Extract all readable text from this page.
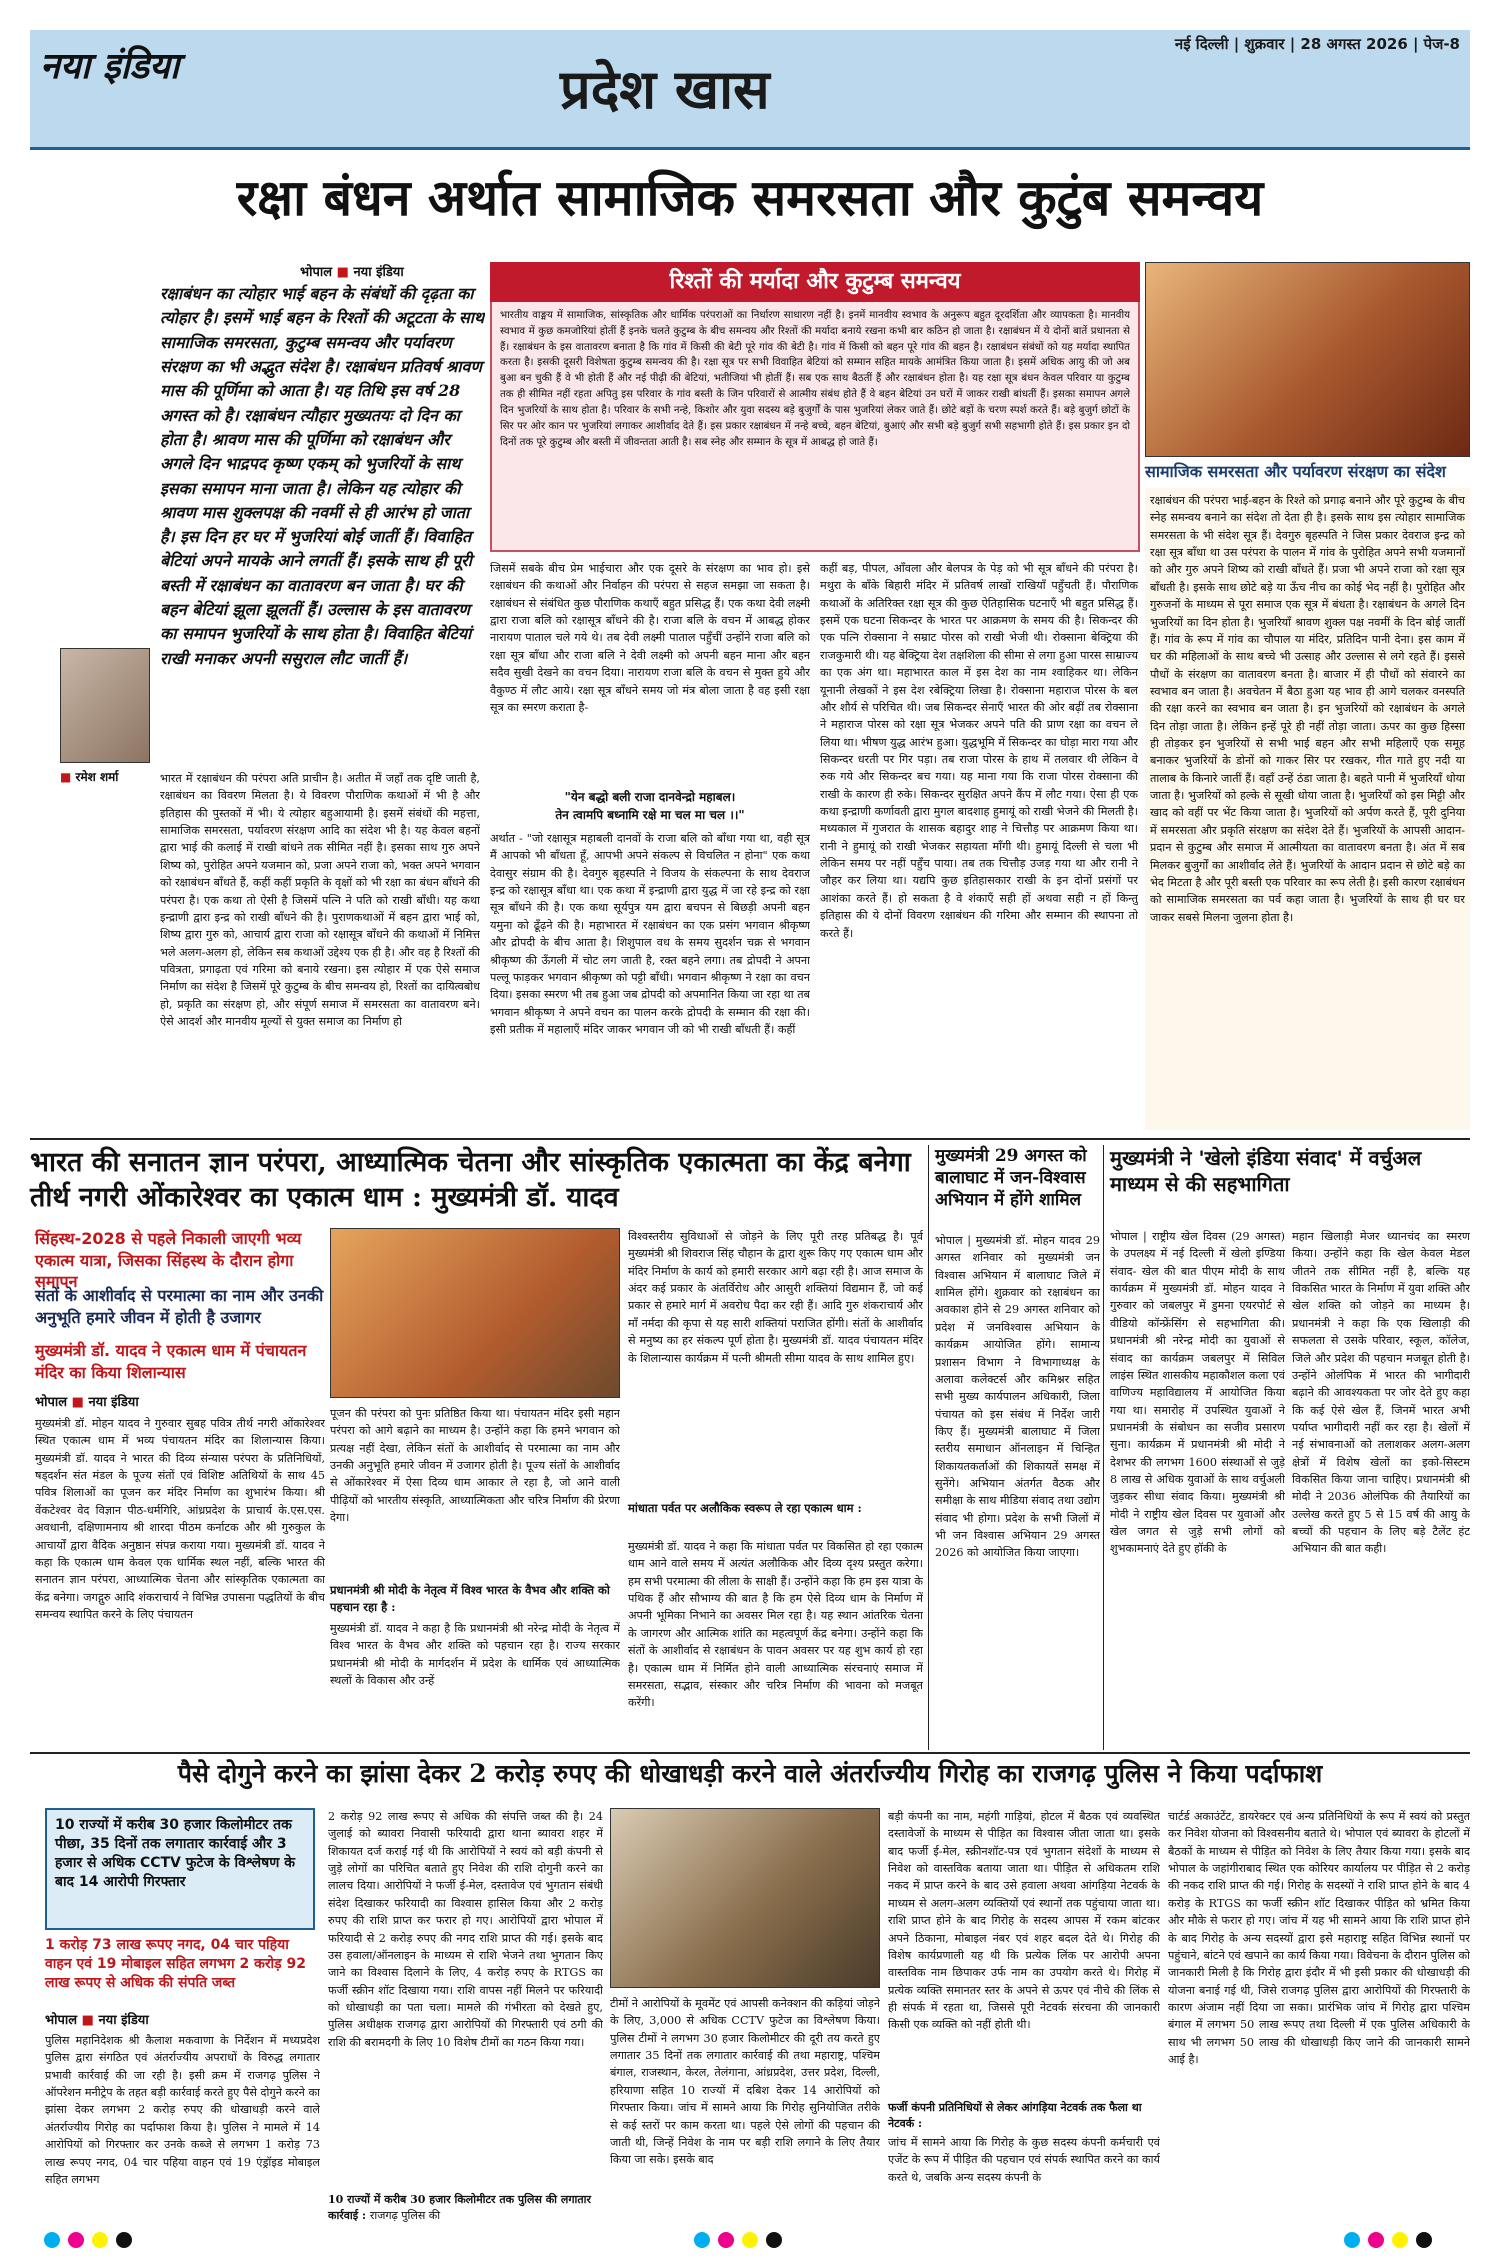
नया इंडिया	प्रदेश खास
नई दिल्ली | शुक्रवार | 28 अगस्त 2026 | पेज-8
रक्षा बंधन अर्थात सामाजिक समरसता और कुटुंब समन्वय
भोपाल ■ नया इंडिया
रक्षाबंधन का त्योहार भाई बहन के संबंधों की दृढ़ता का त्योहार है। इसमें भाई बहन के रिश्तों की अटूटता के साथ सामाजिक समरसता, कुटुम्ब समन्वय और पर्यावरण संरक्षण का भी अद्भुत संदेश है। रक्षाबंधन प्रतिवर्ष श्रावण मास की पूर्णिमा को आता है। यह तिथि इस वर्ष 28 अगस्त को है। रक्षाबंधन त्यौहार मुख्यतयः दो दिन का होता है। श्रावण मास की पूर्णिमा को रक्षाबंधन और अगले दिन भाद्रपद कृष्ण एकम् को भुजरियों के साथ इसका समापन माना जाता है। लेकिन यह त्योहार की श्रावण मास शुक्लपक्ष की नवमीं से ही आरंभ हो जाता है। इस दिन हर घर में भुजरियां बोई जातीं हैं। विवाहित बेटियां अपने मायके आने लगतीं हैं। इसके साथ ही पूरी बस्ती में रक्षाबंधन का वातावरण बन जाता है। घर की बहन बेटियां झूला झूलतीं हैं। उल्लास के इस वातावरण का समापन भुजरियों के साथ होता है। विवाहित बेटियां राखी मनाकर अपनी ससुराल लौट जातीं हैं।
■ रमेश शर्मा
रिश्तों की मर्यादा और कुटुम्ब समन्वय
भारतीय वाङ्मय में सामाजिक, सांस्कृतिक और धार्मिक परंपराओं का निर्धारण साधारण नहीं है। इनमें मानवीय स्वभाव के अनुरूप बहुत दूरदर्शिता और व्यापकता है। मानवीय स्वभाव में कुछ कमजोरियां होतीं हैं इनके चलते कुटुम्ब के बीच समन्वय और रिश्तों की मर्यादा बनाये रखना कभी बार कठिन हो जाता है। रक्षाबंधन में ये दोनों बातें प्रधानता से हैं। रक्षाबंधन के इस वातावरण बनाता है कि गांव में किसी की बेटी पूरे गांव की बेटी है। गांव में किसी को बहन पूरे गांव की बहन है। रक्षाबंधन संबंधों को यह मर्यादा स्थापित करता है। इसकी दूसरी विशेषता कुटुम्ब समन्वय की है। रक्षा सूत्र पर सभी विवाहित बेटियां को सम्मान सहित मायके आमंत्रित किया जाता है। इसमें अधिक आयु की जो अब बुआ बन चुकी हैं वे भी होती हैं और नई पीढ़ी की बेटियां, भतीजियां भी होतीं हैं। सब एक साथ बैठतीं हैं और रक्षाबंधन होता है। यह रक्षा सूत्र बंधन केवल परिवार या कुटुम्ब तक ही सीमित नहीं रहता अपितु इस परिवार के गांव बस्ती के जिन परिवारों से आत्मीय संबंध होते हैं वे बहन बेटियां उन घरों में जाकर राखी बांधतीं हैं। इसका समापन अगले दिन भुजरियों के साथ होता है। परिवार के सभी नन्हे, किशोर और युवा सदस्य बड़े बुजुर्गों के पास भुजरियां लेकर जाते हैं। छोटे बड़ों के चरण स्पर्श करते हैं। बड़े बुजुर्ग छोटों के सिर पर ओर कान पर भुजरियां लगाकर आशीर्वाद देते हैं। इस प्रकार रक्षाबंधन में नन्हे बच्चे, बहन बेटियां, बुआएं और सभी बड़े बुजुर्ग सभी सहभागी होते हैं। इस प्रकार इन दो दिनों तक पूरे कुटुम्ब और बस्ती में जीवन्तता आती है। सब स्नेह और सम्मान के सूत्र में आबद्ध हो जाते हैं।
भारत में रक्षाबंधन की परंपरा अति प्राचीन है। अतीत में जहाँ तक दृष्टि जाती है, रक्षाबंधन का विवरण मिलता है। ये विवरण पौराणिक कथाओं में भी है और इतिहास की पुस्तकों में भी। ये त्योहार बहुआयामी है। इसमें संबंधों की महत्ता, सामाजिक समरसता, पर्यावरण संरक्षण आदि का संदेश भी है। यह केवल बहनों द्वारा भाई की कलाई में राखी बांधने तक सीमित नहीं है। इसका साथ गुरु अपने शिष्य को, पुरोहित अपने यजमान को, प्रजा अपने राजा को, भक्त अपने भगवान को रक्षाबंधन बाँधते हैं, कहीं कहीं प्रकृति के वृक्षों को भी रक्षा का बंधन बाँधने की परंपरा है। एक कथा तो ऐसी है जिसमें पत्नि ने पति को राखी बाँधी। यह कथा इन्द्राणी द्वारा इन्द्र को राखी बाँधने की है। पुराणकथाओं में बहन द्वारा भाई को, शिष्य द्वारा गुरु को, आचार्य द्वारा राजा को रक्षासूत्र बाँधने की कथाओं में निमित्त भले अलग-अलग हो, लेकिन सब कथाओं उद्देश्य एक ही है। और वह है रिश्तों की पवित्रता, प्रगाढ़ता एवं गरिमा को बनाये रखना। इस त्योहार में एक ऐसे समाज निर्माण का संदेश है जिसमें पूरे कुटुम्ब के बीच समन्वय हो, रिश्तों का दायित्वबोध हो, प्रकृति का संरक्षण हो, और संपूर्ण समाज में समरसता का वातावरण बने। ऐसे आदर्श और मानवीय मूल्यों से युक्त समाज का निर्माण हो
जिसमें सबके बीच प्रेम भाईचारा और एक दूसरे के संरक्षण का भाव हो। इसे रक्षाबंधन की कथाओं और निर्वाहन की परंपरा से सहज समझा जा सकता है। रक्षाबंधन से संबंधित कुछ पौराणिक कथाएँ बहुत प्रसिद्ध हैं। एक कथा देवी लक्ष्मी द्वारा राजा बलि को रक्षासूत्र बाँधने की है। राजा बलि के वचन में आबद्ध होकर नारायण पाताल चले गये थे। तब देवी लक्ष्मी पाताल पहुँचीं उन्होंने राजा बलि को रक्षा सूत्र बाँधा और राजा बलि ने देवी लक्ष्मी को अपनी बहन माना और बहन सदैव सुखी देखने का वचन दिया। नारायण राजा बलि के वचन से मुक्त हुये और वैकुण्ठ में लौट आये। रक्षा सूत्र बाँधने समय जो मंत्र बोला जाता है वह इसी रक्षा सूत्र का स्मरण कराता है-
"येन बद्धो बली राजा दानवेन्द्रो महाबल।
तेन त्वामपि बध्नामि रक्षे मा चल मा चल ।।"
अर्थात - "जो रक्षासूत्र महाबली दानवों के राजा बलि को बाँधा गया था, वही सूत्र मैं आपको भी बाँधता हूँ, आपभी अपने संकल्प से विचलित न होना" एक कथा देवासुर संग्राम की है। देवगुरु बृहस्पति ने विजय के संकल्पना के साथ देवराज इन्द्र को रक्षासूत्र बाँधा था। एक कथा में इन्द्राणी द्वारा युद्ध में जा रहे इन्द्र को रक्षा सूत्र बाँधने की है। एक कथा सूर्यपुत्र यम द्वारा बचपन से बिछड़ी अपनी बहन यमुना को ढूँढ़ने की है। महाभारत में रक्षाबंधन का एक प्रसंग भगवान श्रीकृष्ण और द्रोपदी के बीच आता है। शिशुपाल वध के समय सुदर्शन चक्र से भगवान श्रीकृष्ण की ऊँगली में चोट लग जाती है, रक्त बहने लगा। तब द्रोपदी ने अपना पल्लू फाड़कर भगवान श्रीकृष्ण को पट्टी बाँधी। भगवान श्रीकृष्ण ने रक्षा का वचन दिया। इसका स्मरण भी तब हुआ जब द्रोपदी को अपमानित किया जा रहा था तब भगवान श्रीकृष्ण ने अपने वचन का पालन करके द्रोपदी के सम्मान की रक्षा की। इसी प्रतीक में महालाएँ मंदिर जाकर भगवान जी को भी राखी बाँधती हैं। कहीं
कहीं बड़, पीपल, आँवला और बेलपत्र के पेड़ को भी सूत्र बाँधने की परंपरा है। मथुरा के बाँके बिहारी मंदिर में प्रतिवर्ष लाखों राखियाँ पहुँचती हैं। पौराणिक कथाओं के अतिरिक्त रक्षा सूत्र की कुछ ऐतिहासिक घटनाएँ भी बहुत प्रसिद्ध हैं। इसमें एक घटना सिकन्दर के भारत पर आक्रमण के समय की है। सिकन्दर की एक पत्नि रोक्साना ने सम्राट पोरस को राखी भेजी थी। रोक्साना बेक्ट्रिया की राजकुमारी थी। यह बेक्ट्रिया देश तक्षशिला की सीमा से लगा हुआ पारस साम्राज्य का एक अंग था। महाभारत काल में इस देश का नाम श्वाहिकर था। लेकिन यूनानी लेखकों ने इस देश रबेक्ट्रिया लिखा है। रोक्साना महाराज पोरस के बल और शौर्य से परिचित थी। जब सिकन्दर सेनाएँ भारत की ओर बढ़ीं तब रोक्साना ने महाराज पोरस को रक्षा सूत्र भेजकर अपने पति की प्राण रक्षा का वचन ले लिया था। भीषण युद्ध आरंभ हुआ। युद्धभूमि में सिकन्दर का घोड़ा मारा गया और सिकन्दर धरती पर गिर पड़ा। तब राजा पोरस के हाथ में तलवार थी लेकिन वे रुक गये और सिकन्दर बच गया। यह माना गया कि राजा पोरस रोक्साना की राखी के कारण ही रुके। सिकन्दर सुरक्षित अपने कैंप में लौट गया। ऐसा ही एक कथा इन्द्राणी कर्णावती द्वारा मुगल बादशाह हुमायूं को राखी भेजने की मिलती है। मध्यकाल में गुजरात के शासक बहादुर शाह ने चित्तौड़ पर आक्रमण किया था। रानी ने हुमायूं को राखी भेजकर सहायता माँगी थी। हुमायूं दिल्ली से चला भी लेकिन समय पर नहीं पहुँच पाया। तब तक चित्तौड़ उजड़ गया था और रानी ने जौहर कर लिया था। यद्यपि कुछ इतिहासकार राखी के इन दोनों प्रसंगों पर आशंका करते हैं। हो सकता है वे शंकाएँ सही हों अथवा सही न हों किन्तु इतिहास की ये दोनों विवरण रक्षाबंधन की गरिमा और सम्मान की स्थापना तो करते हैं।
सामाजिक समरसता और पर्यावरण संरक्षण का संदेश
रक्षाबंधन की परंपरा भाई-बहन के रिश्ते को प्रगाढ़ बनाने और पूरे कुटुम्ब के बीच स्नेह समन्वय बनाने का संदेश तो देता ही है। इसके साथ इस त्योहार सामाजिक समरसता के भी संदेश सूत्र हैं। देवगुरु बृहस्पति ने जिस प्रकार देवराज इन्द्र को रक्षा सूत्र बाँधा था उस परंपरा के पालन में गांव के पुरोहित अपने सभी यजमानों को और गुरु अपने शिष्य को राखी बाँधते हैं। प्रजा भी अपने राजा को रक्षा सूत्र बाँधती है। इसके साथ छोटे बड़े या ऊँच नीच का कोई भेद नहीं है। पुरोहित और गुरुजनों के माध्यम से पूरा समाज एक सूत्र में बंधता है। रक्षाबंधन के अगले दिन भुजरियों का दिन होता है। भुजरियाँ श्रावण शुक्ल पक्ष नवमीं के दिन बोई जातीं हैं। गांव के रूप में गांव का चौपाल या मंदिर, प्रतिदिन पानी देना। इस काम में घर की महिलाओं के साथ बच्चे भी उत्साह और उल्लास से लगे रहते हैं। इससे पौधों के संरक्षण का वातावरण बनता है। बाजार में ही पौधों को संवारने का स्वभाव बन जाता है। अवचेतन में बैठा हुआ यह भाव ही आगे चलकर वनस्पति की रक्षा करने का स्वभाव बन जाता है। इन भुजरियों को रक्षाबंधन के अगले दिन तोड़ा जाता है। लेकिन इन्हें पूरे ही नहीं तोड़ा जाता। ऊपर का कुछ हिस्सा ही तोड़कर इन भुजरियों से सभी भाई बहन और सभी महिलाएँ एक समूह बनाकर भुजरियों के डोनों को गाकर सिर पर रखकर, गीत गाते हुए नदी या तालाब के किनारे जातीं हैं। वहाँ उन्हें ठंडा जाता है। बहते पानी में भुजरियाँ धोया जाता है। भुजरियों को हल्के से सूखी धोया जाता है। भुजरियाँ को इस मिट्टी और खाद को वहीं पर भेंट किया जाता है। भुजरियों को अर्पण करते हैं, पूरी दुनिया में समरसता और प्रकृति संरक्षण का संदेश देते हैं। भुजरियों के आपसी आदान-प्रदान से कुटुम्ब और समाज में आत्मीयता का वातावरण बनता है। अंत में सब मिलकर बुजुर्गों का आशीर्वाद लेते हैं। भुजरियों के आदान प्रदान से छोटे बड़े का भेद मिटता है और पूरी बस्ती एक परिवार का रूप लेती है। इसी कारण रक्षाबंधन को सामाजिक समरसता का पर्व कहा जाता है। भुजरियों के साथ ही घर घर जाकर सबसे मिलना जुलना होता है।
भारत की सनातन ज्ञान परंपरा, आध्यात्मिक चेतना और सांस्कृतिक एकात्मता का केंद्र बनेगा तीर्थ नगरी ओंकारेश्वर का एकात्म धाम : मुख्यमंत्री डॉ. यादव
सिंहस्थ-2028 से पहले निकाली जाएगी भव्य एकात्म यात्रा, जिसका सिंहस्थ के दौरान होगा समापन
संतों के आशीर्वाद से परमात्मा का नाम और उनकी अनुभूति हमारे जीवन में होती है उजागर
मुख्यमंत्री डॉ. यादव ने एकात्म धाम में पंचायतन मंदिर का किया शिलान्यास
भोपाल ■ नया इंडिया
मुख्यमंत्री डॉ. मोहन यादव ने गुरुवार सुबह पवित्र तीर्थ नगरी ओंकारेश्वर स्थित एकात्म धाम में भव्य पंचायतन मंदिर का शिलान्यास किया। मुख्यमंत्री डॉ. यादव ने भारत की दिव्य संन्यास परंपरा के प्रतिनिधियों, षड्दर्शन संत मंडल के पूज्य संतों एवं विशिष्ट अतिथियों के साथ 45 पवित्र शिलाओं का पूजन कर मंदिर निर्माण का शुभारंभ किया। श्री वेंकटेश्वर वेद विज्ञान पीठ-धर्मगिरि, आंध्रप्रदेश के प्राचार्य के.एस.एस. अवधानी, दक्षिणामनाय श्री शारदा पीठम कर्नाटक और श्री गुरुकुल के आचार्यों द्वारा वैदिक अनुष्ठान संपन्न कराया गया। मुख्यमंत्री डॉ. यादव ने कहा कि एकात्म धाम केवल एक धार्मिक स्थल नहीं, बल्कि भारत की सनातन ज्ञान परंपरा, आध्यात्मिक चेतना और सांस्कृतिक एकात्मता का केंद्र बनेगा। जगद्गुरु आदि शंकराचार्य ने विभिन्न उपासना पद्धतियों के बीच समन्वय स्थापित करने के लिए पंचायतन
पूजन की परंपरा को पुनः प्रतिष्ठित किया था। पंचायतन मंदिर इसी महान परंपरा को आगे बढ़ाने का माध्यम है। उन्होंने कहा कि हमने भगवान को प्रत्यक्ष नहीं देखा, लेकिन संतों के आशीर्वाद से परमात्मा का नाम और उनकी अनुभूति हमारे जीवन में उजागर होती है। पूज्य संतों के आशीर्वाद से ओंकारेश्वर में ऐसा दिव्य धाम आकार ले रहा है, जो आने वाली पीढ़ियों को भारतीय संस्कृति, आध्यात्मिकता और चरित्र निर्माण की प्रेरणा देगा।
प्रधानमंत्री श्री मोदी के नेतृत्व में विश्व भारत के वैभव और शक्ति को पहचान रहा है :
मुख्यमंत्री डॉ. यादव ने कहा है कि प्रधानमंत्री श्री नरेन्द्र मोदी के नेतृत्व में विश्व भारत के वैभव और शक्ति को पहचान रहा है। राज्य सरकार प्रधानमंत्री श्री मोदी के मार्गदर्शन में प्रदेश के धार्मिक एवं आध्यात्मिक स्थलों के विकास और उन्हें
विश्वस्तरीय सुविधाओं से जोड़ने के लिए पूरी तरह प्रतिबद्ध है। पूर्व मुख्यमंत्री श्री शिवराज सिंह चौहान के द्वारा शुरू किए गए एकात्म धाम और मंदिर निर्माण के कार्य को हमारी सरकार आगे बढ़ा रही है। आज समाज के अंदर कई प्रकार के अंतर्विरोध और आसुरी शक्तियां विद्यमान हैं, जो कई प्रकार से हमारे मार्ग में अवरोध पैदा कर रही हैं। आदि गुरु शंकराचार्य और माँ नर्मदा की कृपा से यह सारी शक्तियां पराजित होंगी। संतों के आशीर्वाद से मनुष्य का हर संकल्प पूर्ण होता है। मुख्यमंत्री डॉ. यादव पंचायतन मंदिर के शिलान्यास कार्यक्रम में पत्नी श्रीमती सीमा यादव के साथ शामिल हुए।
मांधाता पर्वत पर अलौकिक स्वरूप ले रहा एकात्म धाम :
मुख्यमंत्री डॉ. यादव ने कहा कि मांधाता पर्वत पर विकसित हो रहा एकात्म धाम आने वाले समय में अत्यंत अलौकिक और दिव्य दृश्य प्रस्तुत करेगा। हम सभी परमात्मा की लीला के साक्षी हैं। उन्होंने कहा कि हम इस यात्रा के पथिक हैं और सौभाग्य की बात है कि हम ऐसे दिव्य धाम के निर्माण में अपनी भूमिका निभाने का अवसर मिल रहा है। यह स्थान आंतरिक चेतना के जागरण और आत्मिक शांति का महत्वपूर्ण केंद्र बनेगा। उन्होंने कहा कि संतों के आशीर्वाद से रक्षाबंधन के पावन अवसर पर यह शुभ कार्य हो रहा है। एकात्म धाम में निर्मित होने वाली आध्यात्मिक संरचनाएं समाज में समरसता, सद्भाव, संस्कार और चरित्र निर्माण की भावना को मजबूत करेंगी।
मुख्यमंत्री 29 अगस्त को बालाघाट में जन-विश्वास अभियान में होंगे शामिल
भोपाल | मुख्यमंत्री डॉ. मोहन यादव 29 अगस्त शनिवार को मुख्यमंत्री जन विश्वास अभियान में बालाघाट जिले में शामिल होंगे। शुक्रवार को रक्षाबंधन का अवकाश होने से 29 अगस्त शनिवार को प्रदेश में जनविश्वास अभियान के कार्यक्रम आयोजित होंगे। सामान्य प्रशासन विभाग ने विभागाध्यक्ष के अलावा कलेक्टर्स और कमिश्नर सहित सभी मुख्य कार्यपालन अधिकारी, जिला पंचायत को इस संबंध में निर्देश जारी किए हैं। मुख्यमंत्री बालाघाट में जिला स्तरीय समाधान ऑनलाइन में चिन्हित शिकायतकर्ताओं की शिकायतें समक्ष में सुनेंगे। अभियान अंतर्गत वैठक और समीक्षा के साथ मीडिया संवाद तथा उद्योग संवाद भी होगा। प्रदेश के सभी जिलों में भी जन विश्वास अभियान 29 अगस्त 2026 को आयोजित किया जाएगा।
मुख्यमंत्री ने 'खेलो इंडिया संवाद' में वर्चुअल माध्यम से की सहभागिता
भोपाल | राष्ट्रीय खेल दिवस (29 अगस्त) के उपलक्ष्य में नई दिल्ली में खेलो इण्डिया संवाद- खेल की बात पीएम मोदी के साथ कार्यक्रम में मुख्यमंत्री डॉ. मोहन यादव ने गुरुवार को जबलपुर में डुमना एयरपोर्ट से वीडियो कॉन्फ्रेंसिंग से सहभागिता की। प्रधानमंत्री श्री नरेन्द्र मोदी का युवाओं से संवाद का कार्यक्रम जबलपुर में सिविल लाइंस स्थित शासकीय महाकौशल कला एवं वाणिज्य महाविद्यालय में आयोजित किया गया था। समारोह में उपस्थित युवाओं ने प्रधानमंत्री के संबोधन का सजीव प्रसारण सुना। कार्यक्रम में प्रधानमंत्री श्री मोदी ने देशभर की लगभग 1600 संस्थाओं से जुड़े 8 लाख से अधिक युवाओं के साथ वर्चुअली जुड़कर सीधा संवाद किया। मुख्यमंत्री श्री मोदी ने राष्ट्रीय खेल दिवस पर युवाओं और खेल जगत से जुड़े सभी लोगों को शुभकामनाएं देते हुए हॉकी के
महान खिलाड़ी मेजर ध्यानचंद का स्मरण किया। उन्होंने कहा कि खेल केवल मेडल जीतने तक सीमित नहीं है, बल्कि यह विकसित भारत के निर्माण में युवा शक्ति और खेल शक्ति को जोड़ने का माध्यम है। प्रधानमंत्री ने कहा कि एक खिलाड़ी की सफलता से उसके परिवार, स्कूल, कॉलेज, जिले और प्रदेश की पहचान मजबूत होती है। उन्होंने ओलंपिक में भारत की भागीदारी बढ़ाने की आवश्यकता पर जोर देते हुए कहा कि कई ऐसे खेल हैं, जिनमें भारत अभी पर्याप्त भागीदारी नहीं कर रहा है। खेलों में नई संभावनाओं को तलाशकर अलग-अलग क्षेत्रों में विशेष खेलों का इको-सिस्टम विकसित किया जाना चाहिए। प्रधानमंत्री श्री मोदी ने 2036 ओलंपिक की तैयारियों का उल्लेख करते हुए 5 से 15 वर्ष की आयु के बच्चों की पहचान के लिए बड़े टैलेंट हंट अभियान की बात कही।
पैसे दोगुने करने का झांसा देकर 2 करोड़ रुपए की धोखाधड़ी करने वाले अंतर्राज्यीय गिरोह का राजगढ़ पुलिस ने किया पर्दाफाश
10 राज्यों में करीब 30 हजार किलोमीटर तक पीछा, 35 दिनों तक लगातार कार्रवाई और 3 हजार से अधिक CCTV फुटेज के विश्लेषण के बाद 14 आरोपी गिरफ्तार
1 करोड़ 73 लाख रूपए नगद, 04 चार पहिया वाहन एवं 19 मोबाइल सहित लगभग 2 करोड़ 92 लाख रूपए से अधिक की संपति जब्त
भोपाल ■ नया इंडिया
पुलिस महानिदेशक श्री कैलाश मकवाणा के निर्देशन में मध्यप्रदेश पुलिस द्वारा संगठित एवं अंतर्राज्यीय अपराधों के विरुद्ध लगातार प्रभावी कार्रवाई की जा रही है। इसी क्रम में राजगढ़ पुलिस ने ऑपरेशन मनीट्रेप के तहत बड़ी कार्रवाई करते हुए पैसे दोगुने करने का झांसा देकर लगभग 2 करोड़ रुपए की धोखाधड़ी करने वाले अंतर्राज्यीय गिरोह का पर्दाफाश किया है। पुलिस ने मामले में 14 आरोपियों को गिरफ्तार कर उनके कब्जे से लगभग 1 करोड़ 73 लाख रूपए नगद, 04 चार पहिया वाहन एवं 19 एंड्रॉइड मोबाइल सहित लगभग
2 करोड़ 92 लाख रूपए से अधिक की संपत्ति जब्त की है। 24 जुलाई को ब्यावरा निवासी फरियादी द्वारा थाना ब्यावरा शहर में शिकायत दर्ज कराई गई थी कि आरोपियों ने स्वयं को बड़ी कंपनी से जुड़े लोगों का परिचित बताते हुए निवेश की राशि दोगुनी करने का लालच दिया। आरोपियों ने फर्जी ई-मेल, दस्तावेज एवं भुगतान संबंधी संदेश दिखाकर फरियादी का विश्वास हासिल किया और 2 करोड़ रुपए की राशि प्राप्त कर फरार हो गए। आरोपियों द्वारा भोपाल में फरियादी से 2 करोड़ रुपए की नगद राशि प्राप्त की गई। इसके बाद उस हवाला/ऑनलाइन के माध्यम से राशि भेजने तथा भुगतान किए जाने का विश्वास दिलाने के लिए, 4 करोड़ रुपए के RTGS का फर्जी स्क्रीन शॉट दिखाया गया। राशि वापस नहीं मिलने पर फरियादी को धोखाधड़ी का पता चला। मामले की गंभीरता को देखते हुए, पुलिस अधीक्षक राजगढ़ द्वारा आरोपियों की गिरफ्तारी एवं ठगी की राशि की बरामदगी के लिए 10 विशेष टीमों का गठन किया गया।
10 राज्यों में करीब 30 हजार किलोमीटर तक पुलिस की लगातार कार्रवाई : राजगढ़ पुलिस की
टीमों ने आरोपियों के मूवमेंट एवं आपसी कनेक्शन की कड़ियां जोड़ने के लिए, 3,000 से अधिक CCTV फुटेज का विश्लेषण किया। पुलिस टीमों ने लगभग 30 हजार किलोमीटर की दूरी तय करते हुए लगातार 35 दिनों तक लगातार कार्रवाई की तथा महाराष्ट्र, पश्चिम बंगाल, राजस्थान, केरल, तेलंगाना, आंध्रप्रदेश, उत्तर प्रदेश, दिल्ली, हरियाणा सहित 10 राज्यों में दबिश देकर 14 आरोपियों को गिरफ्तार किया। जांच में सामने आया कि गिरोह सुनियोजित तरीके से कई स्तरों पर काम करता था। पहले ऐसे लोगों की पहचान की जाती थी, जिन्हें निवेश के नाम पर बड़ी राशि लगाने के लिए तैयार किया जा सके। इसके बाद
बड़ी कंपनी का नाम, महंगी गाड़ियां, होटल में बैठक एवं व्यवस्थित दस्तावेजों के माध्यम से पीड़ित का विश्वास जीता जाता था। इसके बाद फर्जी ई-मेल, स्क्रीनशॉट-पत्र एवं भुगतान संदेशों के माध्यम से निवेश को वास्तविक बताया जाता था। पीड़ित से अधिकतम राशि नकद में प्राप्त करने के बाद उसे हवाला अथवा आंगड़िया नेटवर्क के माध्यम से अलग-अलग व्यक्तियों एवं स्थानों तक पहुंचाया जाता था। राशि प्राप्त होने के बाद गिरोह के सदस्य आपस में रकम बांटकर अपने ठिकाना, मोबाइल नंबर एवं शहर बदल देते थे। गिरोह की विशेष कार्यप्रणाली यह थी कि प्रत्येक लिंक पर आरोपी अपना वास्तविक नाम छिपाकर उर्फ नाम का उपयोग करते थे। गिरोह में प्रत्येक व्यक्ति समानतर स्तर के अपने से ऊपर एवं नीचे की लिंक से ही संपर्क में रहता था, जिससे पूरी नेटवर्क संरचना की जानकारी किसी एक व्यक्ति को नहीं होती थी।
फर्जी कंपनी प्रतिनिधियों से लेकर आंगड़िया नेटवर्क तक फैला था नेटवर्क :
जांच में सामने आया कि गिरोह के कुछ सदस्य कंपनी कर्मचारी एवं एजेंट के रूप में पीड़ित की पहचान एवं संपर्क स्थापित करने का कार्य करते थे, जबकि अन्य सदस्य कंपनी के
चार्टर्ड अकाउंटेंट, डायरेक्टर एवं अन्य प्रतिनिधियों के रूप में स्वयं को प्रस्तुत कर निवेश योजना को विश्वसनीय बताते थे। भोपाल एवं ब्यावरा के होटलों में बैठकों के माध्यम से पीड़ित को निवेश के लिए तैयार किया गया। इसके बाद भोपाल के जहांगीराबाद स्थित एक कोरियर कार्यालय पर पीड़ित से 2 करोड़ की नकद राशि प्राप्त की गई। गिरोह के सदस्यों ने राशि प्राप्त होने के बाद 4 करोड़ के RTGS का फर्जी स्क्रीन शॉट दिखाकर पीड़ित को भ्रमित किया और मौके से फरार हो गए। जांच में यह भी सामने आया कि राशि प्राप्त होने के बाद गिरोह के अन्य सदस्यों द्वारा इसे महाराष्ट्र सहित विभिन्न स्थानों पर पहुंचाने, बांटने एवं खपाने का कार्य किया गया। विवेचना के दौरान पुलिस को जानकारी मिली है कि गिरोह द्वारा इंदौर में भी इसी प्रकार की धोखाधड़ी की योजना बनाई गई थी, जिसे राजगढ़ पुलिस द्वारा आरोपियों की गिरफ्तारी के कारण अंजाम नहीं दिया जा सका। प्रारंभिक जांच में गिरोह द्वारा पश्चिम बंगाल में लगभग 50 लाख रूपए तथा दिल्ली में एक पुलिस अधिकारी के साथ भी लगभग 50 लाख की धोखाधड़ी किए जाने की जानकारी सामने आई है।
